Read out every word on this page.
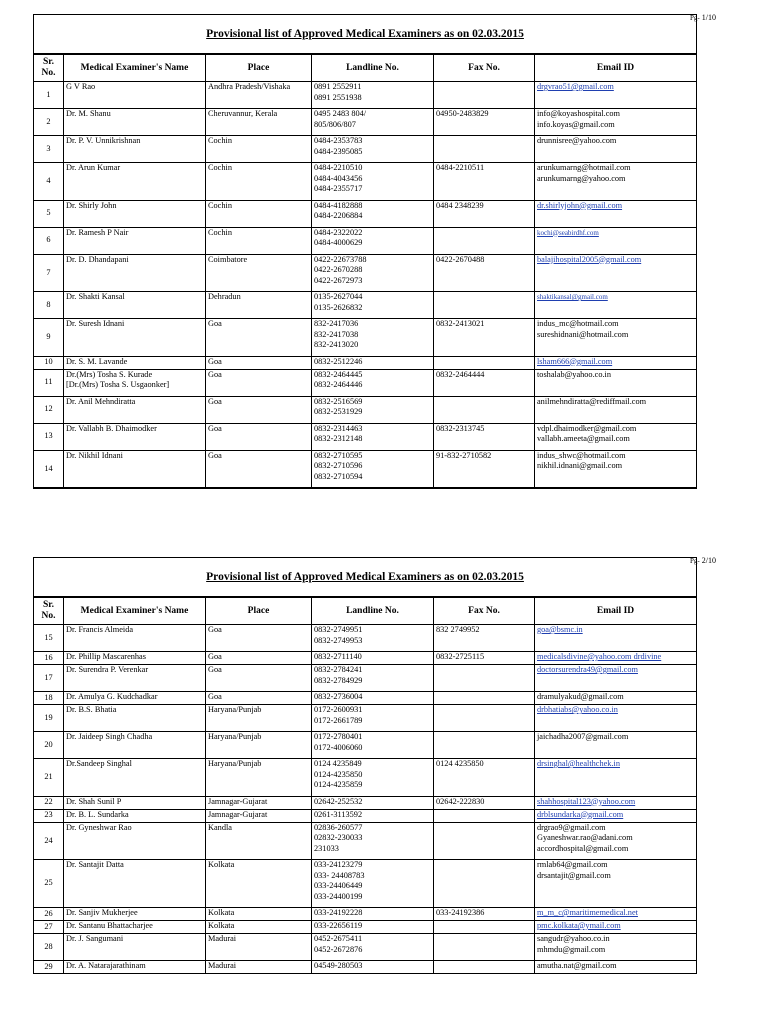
Pg- 1/10
Provisional list of Approved Medical Examiners as on 02.03.2015					
Sr. No.	Medical Examiner's Name	Place	Landline No.	Fax No.	Email ID
1	G V Rao	Andhra Pradesh/Vishaka	0891 2552911
0891 2551938		drgvrao51@gmail.com

2	Dr. M. Shanu	Cheruvannur, Kerala	0495 2483 804/
805/806/807	04950-2483829	info@koyashospital.com
info.koyas@gmail.com

3	Dr. P. V. Unnikrishnan	Cochin	0484-2353783
0484-2395085		drunnisree@yahoo.com

4	Dr. Arun Kumar	Cochin	0484-2210510
0484-4043456
0484-2355717	0484-2210511	arunkumarng@hotmail.com
arunkumarng@yahoo.com

5	Dr. Shirly John	Cochin	0484-4182888
0484-2206884	0484 2348239	dr.shirlyjohn@gmail.com

6	Dr. Ramesh P Nair	Cochin	0484-2322022
0484-4000629		kochi@seabirdhf.com

7	Dr. D. Dhandapani	Coimbatore	0422-22673788
0422-2670288
0422-2672973	0422-2670488	balajihospital2005@gmail.com

8	Dr. Shakti Kansal	Dehradun	0135-2627044
0135-2626832		shaktikansal@gmail.com

9	Dr. Suresh Idnani	Goa	832-2417036
832-2417038
832-2413020	0832-2413021	indus_mc@hotmail.com
sureshidnani@hotmail.com

10	Dr. S. M. Lavande	Goa	0832-2512246		lsham666@gmail.com

11	Dr.(Mrs) Tosha S. Kurade
[Dr.(Mrs) Tosha S. Usgaonker]	Goa	0832-2464445
0832-2464446	0832-2464444	toshalab@yahoo.co.in

12	Dr. Anil Mehndiratta	Goa	0832-2516569
0832-2531929		anilmehndiratta@rediffmail.com

13	Dr. Vallabh B. Dhaimodker	Goa	0832-2314463
0832-2312148	0832-2313745	vdpl.dhaimodker@gmail.com
vallabh.ameeta@gmail.com

14	Dr. Nikhil Idnani	Goa	0832-2710595
0832-2710596
0832-2710594	91-832-2710582	indus_shwc@hotmail.com
nikhil.idnani@gmail.com
Pg- 2/10
Provisional list of Approved Medical Examiners as on 02.03.2015					
Sr. No.	Medical Examiner's Name	Place	Landline No.	Fax No.	Email ID
15	Dr. Francis Almeida	Goa	0832-2749951
0832-2749953	832 2749952	goa@bsmc.in

16	Dr. Phillip Mascarenhas	Goa	0832-2711140	0832-2725115	medicalsdivine@yahoo.com drdivine

17	Dr. Surendra P. Verenkar	Goa	0832-2784241
0832-2784929		doctorsurendra49@gmail.com

18	Dr. Amulya G. Kudchadkar	Goa	0832-2736004		dramulyakud@gmail.com

19	Dr. B.S. Bhatia	Haryana/Punjab	0172-2600931
0172-2661789		drbhatiabs@yahoo.co.in

20	Dr. Jaideep Singh Chadha	Haryana/Punjab	0172-2780401
0172-4006060		jaichadha2007@gmail.com

21	Dr.Sandeep Singhal	Haryana/Punjab	0124 4235849
0124-4235850
0124-4235859	0124 4235850	drsinghal@healthchek.in

22	Dr. Shah Sunil P	Jamnagar-Gujarat	02642-252532	02642-222830	shahhospital123@yahoo.com

23	Dr. B. L. Sundarka	Jamnagar-Gujarat	0261-3113592		drblsundarka@gmail.com

24	Dr. Gyneshwar Rao	Kandla	02836-260577
02832-230033
231033		drgrao9@gmail.com
Gyaneshwar.rao@adani.com
accordhospital@gmail.com

25	Dr. Santajit Datta	Kolkata	033-24123279
033- 24408783
033-24406449
033-24400199		rmlab64@gmail.com
drsantajit@gmail.com

26	Dr. Sanjiv Mukherjee	Kolkata	033-24192228	033-24192386	m_m_c@maritimemedical.net

27	Dr. Santanu Bhattacharjee	Kolkata	033-22656119		pmc.kolkata@ymail.com

28	Dr. J. Sangumani	Madurai	0452-2675411
0452-2672876		sangudr@yahoo.co.in
mhmdu@gmail.com

29	Dr. A. Natarajarathinam	Madurai	04549-280503		amutha.nat@gmail.com
